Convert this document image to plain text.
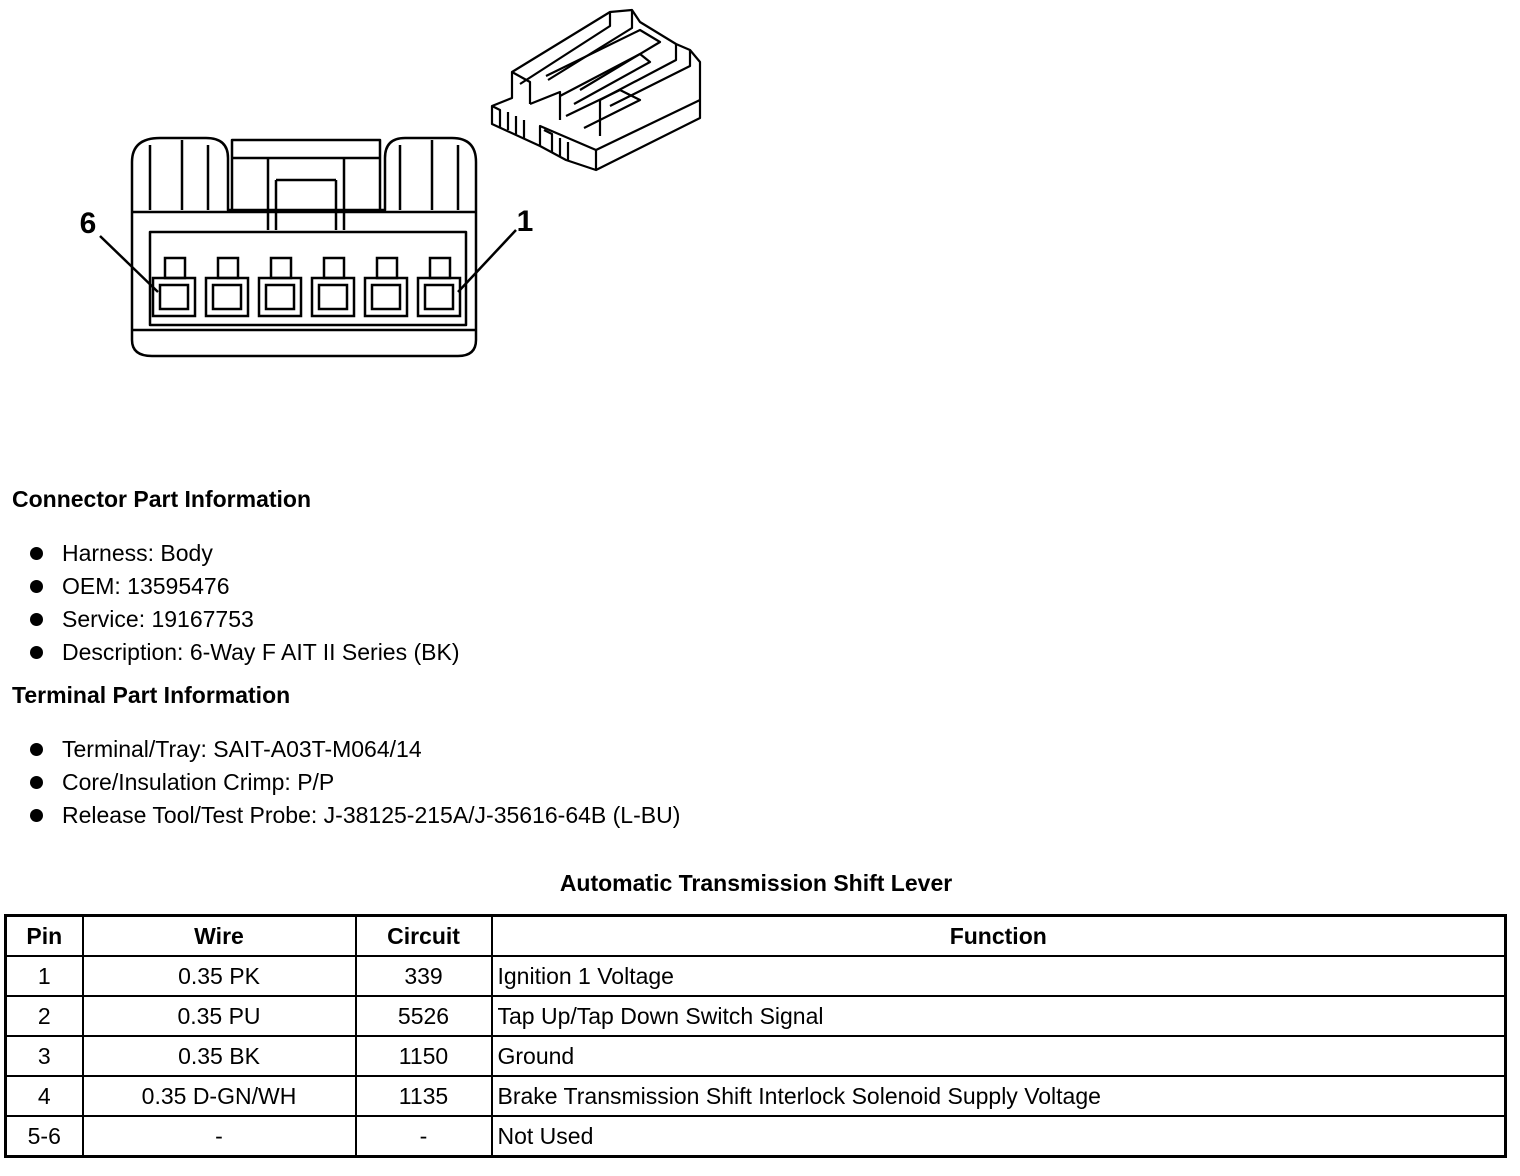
6	1
Connector Part Information
Harness: Body
OEM: 13595476
Service: 19167753
Description: 6-Way F AIT II Series (BK)
Terminal Part Information
Terminal/Tray: SAIT-A03T-M064/14
Core/Insulation Crimp: P/P
Release Tool/Test Probe: J-38125-215A/J-35616-64B (L-BU)
Automatic Transmission Shift Lever
Pin	Wire	Circuit	Function
1	0.35 PK	339	Ignition 1 Voltage
2	0.35 PU	5526	Tap Up/Tap Down Switch Signal
3	0.35 BK	1150	Ground
4	0.35 D-GN/WH	1135	Brake Transmission Shift Interlock Solenoid Supply Voltage
5-6	-	-	Not Used
